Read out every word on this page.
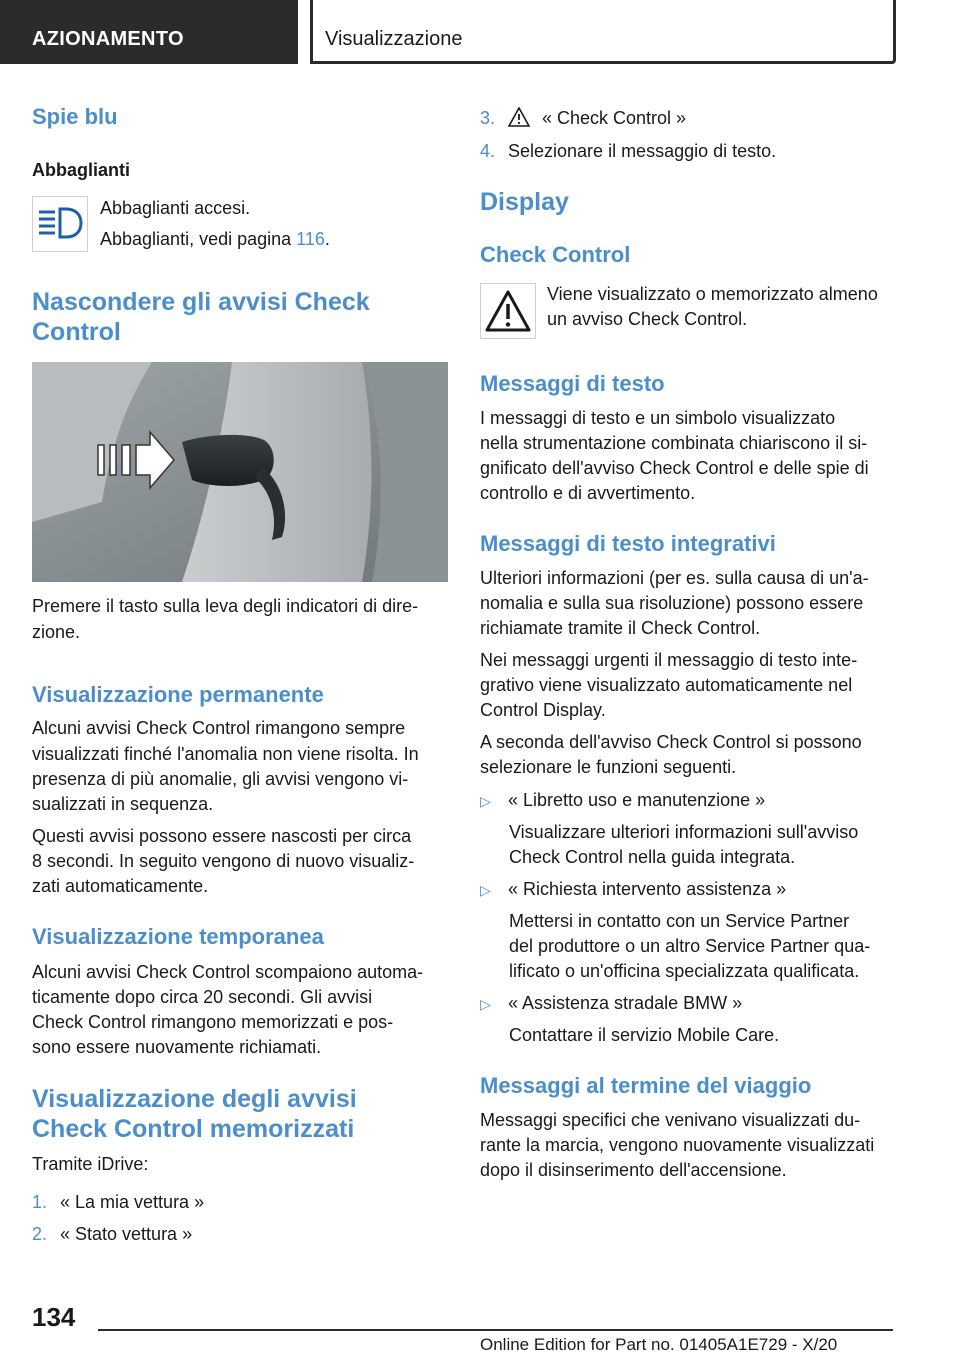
AZIONAMENTO	Visualizzazione
Spie blu
Abbaglianti
Abbaglianti accesi.
Abbaglianti, vedi pagina 116.
Nascondere gli avvisi Check
Control
Premere il tasto sulla leva degli indicatori di dire-
zione.
Visualizzazione permanente
Alcuni avvisi Check Control rimangono sempre
visualizzati finché l'anomalia non viene risolta. In
presenza di più anomalie, gli avvisi vengono vi-
sualizzati in sequenza.
Questi avvisi possono essere nascosti per circa
8 secondi. In seguito vengono di nuovo visualiz-
zati automaticamente.
Visualizzazione temporanea
Alcuni avvisi Check Control scompaiono automa-
ticamente dopo circa 20 secondi. Gli avvisi
Check Control rimangono memorizzati e pos-
sono essere nuovamente richiamati.
Visualizzazione degli avvisi
Check Control memorizzati
Tramite iDrive:
1. « La mia vettura »
2. « Stato vettura »
3.	« Check Control »
4. Selezionare il messaggio di testo.
Display
Check Control
Viene visualizzato o memorizzato almeno
un avviso Check Control.
Messaggi di testo
I messaggi di testo e un simbolo visualizzato
nella strumentazione combinata chiariscono il si-
gnificato dell'avviso Check Control e delle spie di
controllo e di avvertimento.
Messaggi di testo integrativi
Ulteriori informazioni (per es. sulla causa di un'a-
nomalia e sulla sua risoluzione) possono essere
richiamate tramite il Check Control.
Nei messaggi urgenti il messaggio di testo inte-
grativo viene visualizzato automaticamente nel
Control Display.
A seconda dell'avviso Check Control si possono
selezionare le funzioni seguenti.
▷ « Libretto uso e manutenzione »
Visualizzare ulteriori informazioni sull'avviso
Check Control nella guida integrata.
▷ « Richiesta intervento assistenza »
Mettersi in contatto con un Service Partner
del produttore o un altro Service Partner qua-
lificato o un'officina specializzata qualificata.
▷ « Assistenza stradale BMW »
Contattare il servizio Mobile Care.
Messaggi al termine del viaggio
Messaggi specifici che venivano visualizzati du-
rante la marcia, vengono nuovamente visualizzati
dopo il disinserimento dell'accensione.
134
Online Edition for Part no. 01405A1E729 - X/20
